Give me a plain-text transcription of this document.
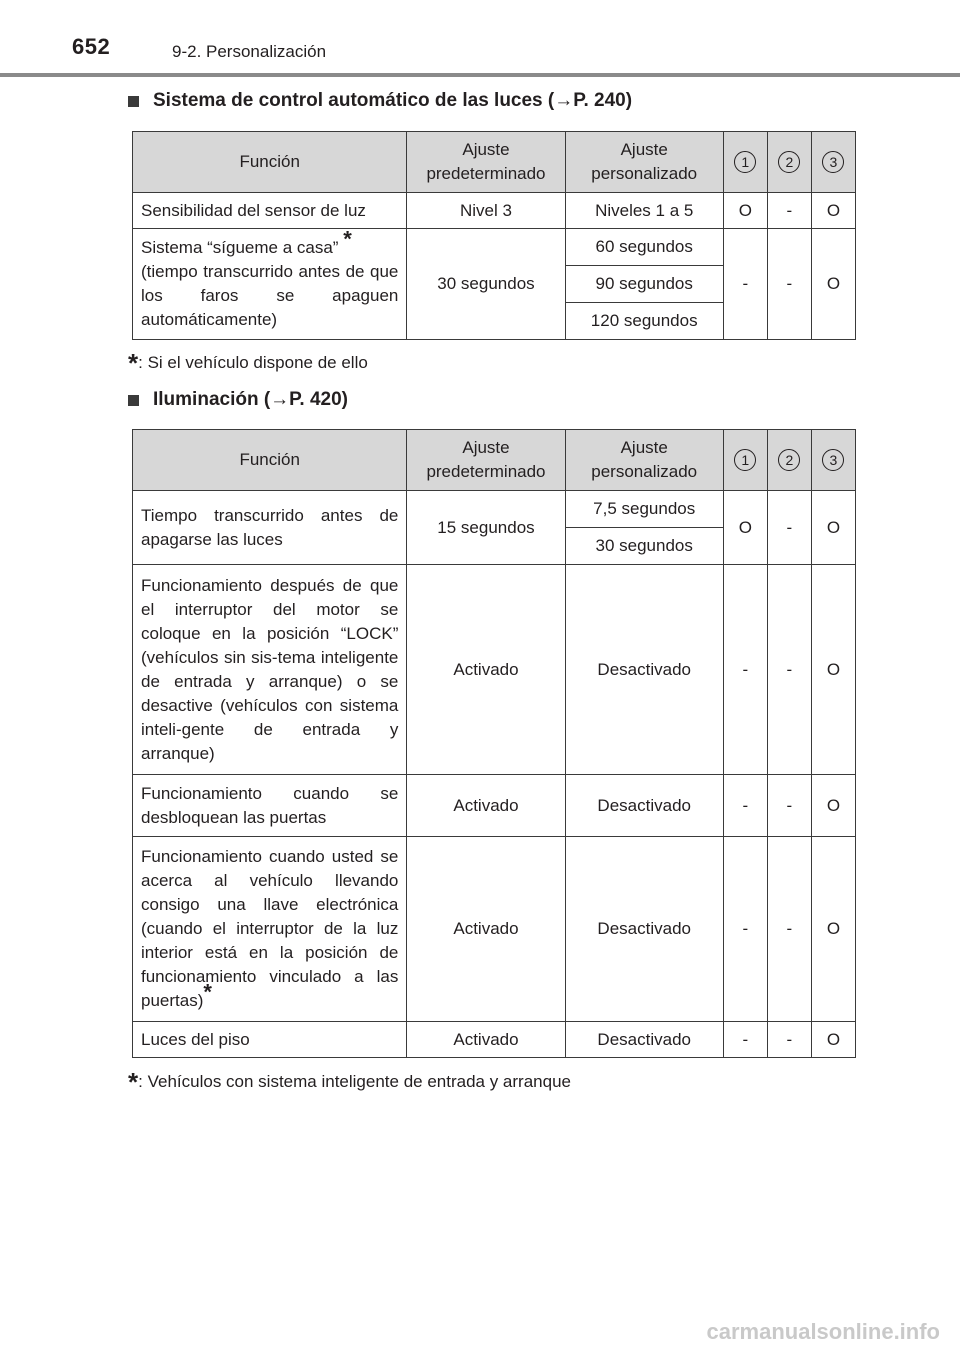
652	9-2. Personalización
Sistema de control automático de las luces (→P. 240)
Función	Ajuste predeterminado	Ajuste personalizado	1	2	3
Sensibilidad del sensor de luz	Nivel 3	Niveles 1 a 5	O	-	O
Sistema “sígueme a casa” *
(tiempo transcurrido antes de que los faros se apaguen automáticamente)	30 segundos	60 segundos	-	-	O
		90 segundos			
		120 segundos			
*: Si el vehículo dispone de ello
Iluminación (→P. 420)
Función	Ajuste predeterminado	Ajuste personalizado	1	2	3
Tiempo transcurrido antes de apagarse las luces	15 segundos	7,5 segundos	O	-	O
		30 segundos			
Funcionamiento después de que el interruptor del motor se coloque en la posición “LOCK” (vehículos sin sis-tema inteligente de entrada y arranque) o se desactive (vehículos con sistema inteli-gente de entrada y arranque)	Activado	Desactivado	-	-	O
Funcionamiento cuando se desbloquean las puertas	Activado	Desactivado	-	-	O
Funcionamiento cuando usted se acerca al vehículo llevando consigo una llave electrónica (cuando el interruptor de la luz interior está en la posición de funcionamiento vinculado a las puertas)*	Activado	Desactivado	-	-	O
Luces del piso	Activado	Desactivado	-	-	O
*: Vehículos con sistema inteligente de entrada y arranque
carmanualsonline.info
